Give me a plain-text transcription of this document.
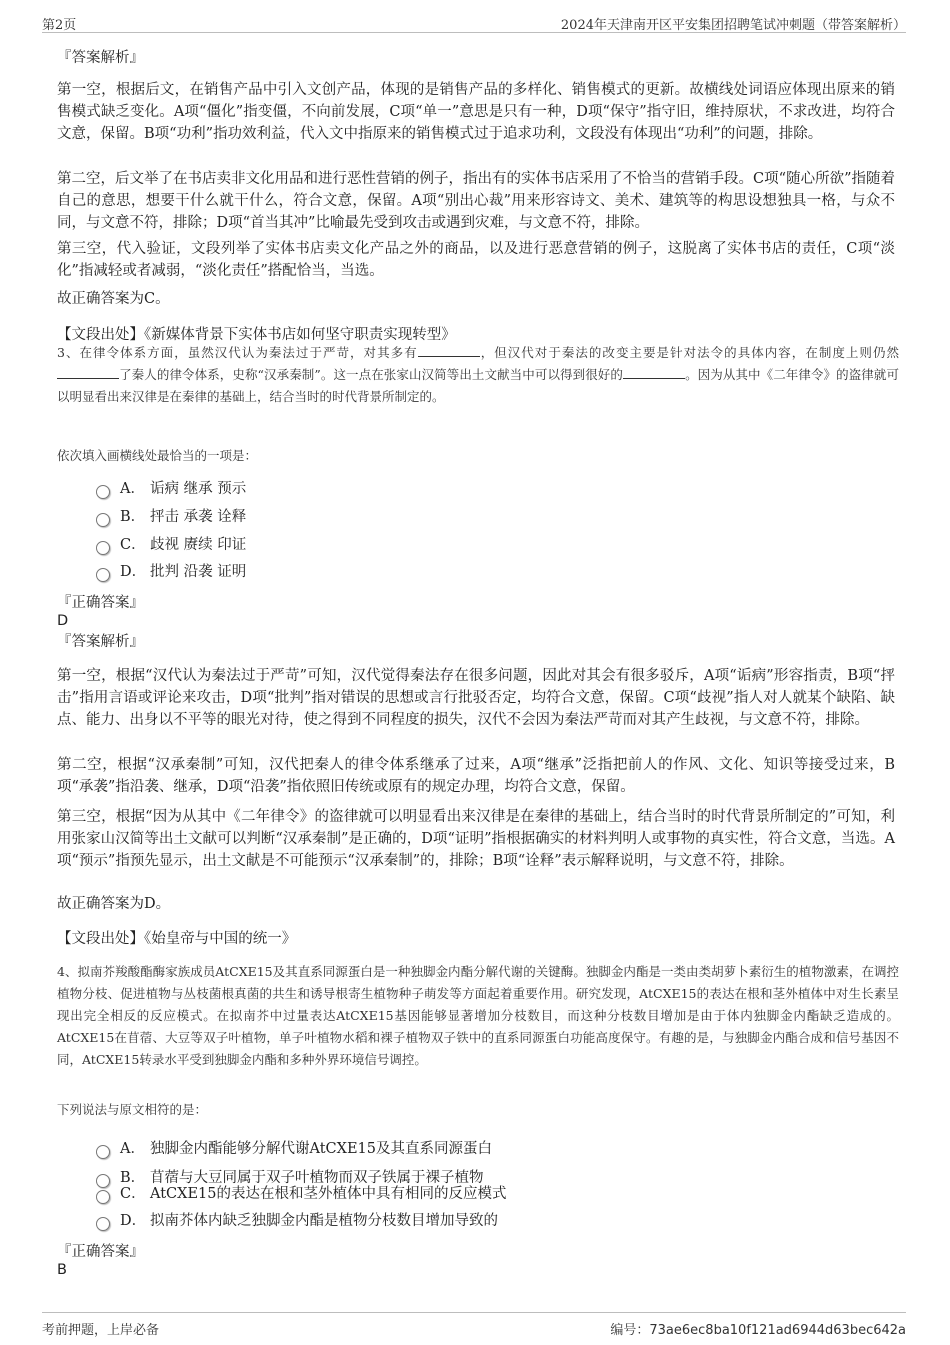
第2页	2024年天津南开区平安集团招聘笔试冲刺题（带答案解析）

『答案解析』

第一空，根据后文，在销售产品中引入文创产品，体现的是销售产品的多样化、销售模式的更新。故横线处词语应体现出原来的销售模式缺乏变化。A项“僵化”指变僵，不向前发展，C项“单一”意思是只有一种，D项“保守”指守旧，维持原状，不求改进，均符合文意，保留。B项“功利”指功效利益，代入文中指原来的销售模式过于追求功利，文段没有体现出“功利”的问题，排除。

第二空，后文举了在书店卖非文化用品和进行恶性营销的例子，指出有的实体书店采用了不恰当的营销手段。C项“随心所欲”指随着自己的意思，想要干什么就干什么，符合文意，保留。A项“别出心裁”用来形容诗文、美术、建筑等的构思设想独具一格，与众不同，与文意不符，排除；D项“首当其冲”比喻最先受到攻击或遇到灾难，与文意不符，排除。

第三空，代入验证，文段列举了实体书店卖文化产品之外的商品，以及进行恶意营销的例子，这脱离了实体书店的责任，C项“淡化”指减轻或者减弱，“淡化责任”搭配恰当，当选。

故正确答案为C。

【文段出处】《新媒体背景下实体书店如何坚守职责实现转型》

3、在律令体系方面，虽然汉代认为秦法过于严苛，对其多有	，但汉代对于秦法的改变主要是针对法令的具体内容，在制度上则仍然了秦人的律令体系，史称“汉承秦制”。这一点在张家山汉简等出土文献当中可以得到很好的	。因为从其中《二年律令》的盗律就可以明显看出来汉律是在秦律的基础上，结合当时的时代背景所制定的。

依次填入画横线处最恰当的一项是：

A． 诟病 继承 预示
B． 抨击 承袭 诠释
C． 歧视 赓续 印证
D． 批判 沿袭 证明

『正确答案』

D

『答案解析』

第一空，根据“汉代认为秦法过于严苛”可知，汉代觉得秦法存在很多问题，因此对其会有很多驳斥，A项“诟病”形容指责，B项“抨击”指用言语或评论来攻击，D项“批判”指对错误的思想或言行批驳否定，均符合文意，保留。C项“歧视”指人对人就某个缺陷、缺点、能力、出身以不平等的眼光对待，使之得到不同程度的损失，汉代不会因为秦法严苛而对其产生歧视，与文意不符，排除。

第二空，根据“汉承秦制”可知，汉代把秦人的律令体系继承了过来，A项“继承”泛指把前人的作风、文化、知识等接受过来，B项“承袭”指沿袭、继承，D项“沿袭”指依照旧传统或原有的规定办理，均符合文意，保留。

第三空，根据“因为从其中《二年律令》的盗律就可以明显看出来汉律是在秦律的基础上，结合当时的时代背景所制定的”可知，利用张家山汉简等出土文献可以判断“汉承秦制”是正确的，D项“证明”指根据确实的材料判明人或事物的真实性，符合文意，当选。A项“预示”指预先显示，出土文献是不可能预示“汉承秦制”的，排除；B项“诠释”表示解释说明，与文意不符，排除。

故正确答案为D。

【文段出处】《始皇帝与中国的统一》

4、拟南芥羧酸酯酶家族成员AtCXE15及其直系同源蛋白是一种独脚金内酯分解代谢的关键酶。独脚金内酯是一类由类胡萝卜素衍生的植物激素，在调控植物分枝、促进植物与丛枝菌根真菌的共生和诱导根寄生植物种子萌发等方面起着重要作用。研究发现，AtCXE15的表达在根和茎外植体中对生长素呈现出完全相反的反应模式。在拟南芥中过量表达AtCXE15基因能够显著增加分枝数目，而这种分枝数目增加是由于体内独脚金内酯缺乏造成的。AtCXE15在苜蓿、大豆等双子叶植物，单子叶植物水稻和裸子植物双子铁中的直系同源蛋白功能高度保守。有趣的是，与独脚金内酯合成和信号基因不同，AtCXE15转录水平受到独脚金内酯和多种外界环境信号调控。

下列说法与原文相符的是：

A． 独脚金内酯能够分解代谢AtCXE15及其直系同源蛋白
B． 苜蓿与大豆同属于双子叶植物而双子铁属于裸子植物
C． AtCXE15的表达在根和茎外植体中具有相同的反应模式
D． 拟南芥体内缺乏独脚金内酯是植物分枝数目增加导致的

『正确答案』

B

考前押题，上岸必备	编号：73ae6ec8ba10f121ad6944d63bec642a
